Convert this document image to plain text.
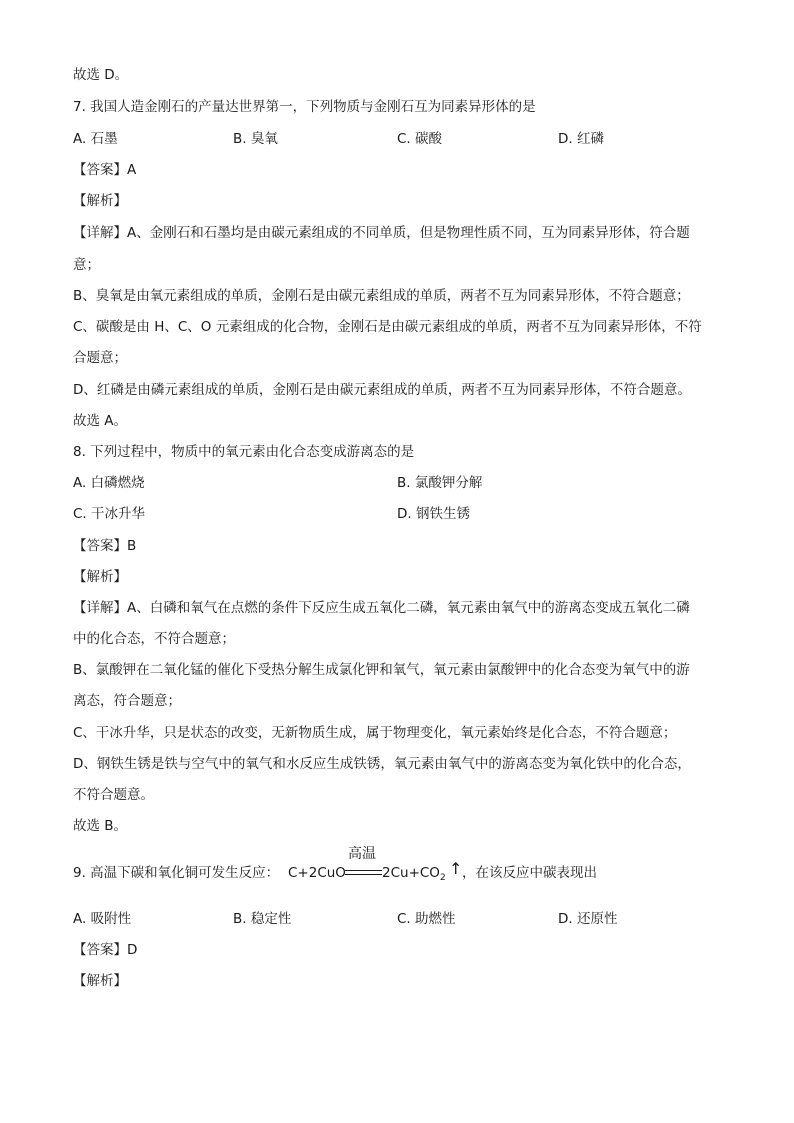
故选 D。
7. 我国人造金刚石的产量达世界第一，下列物质与金刚石互为同素异形体的是
A. 石墨	B. 臭氧	C. 碳酸	D. 红磷
【答案】A
【解析】
【详解】A、金刚石和石墨均是由碳元素组成的不同单质，但是物理性质不同，互为同素异形体，符合题
意；
B、臭氧是由氧元素组成的单质，金刚石是由碳元素组成的单质，两者不互为同素异形体，不符合题意；
C、碳酸是由 H、C、O 元素组成的化合物，金刚石是由碳元素组成的单质，两者不互为同素异形体，不符
合题意；
D、红磷是由磷元素组成的单质，金刚石是由碳元素组成的单质，两者不互为同素异形体，不符合题意。
故选 A。
8. 下列过程中，物质中的氧元素由化合态变成游离态的是
A. 白磷燃烧	B. 氯酸钾分解
C. 干冰升华	D. 钢铁生锈
【答案】B
【解析】
【详解】A、白磷和氧气在点燃的条件下反应生成五氧化二磷，氧元素由氧气中的游离态变成五氧化二磷
中的化合态，不符合题意；
B、氯酸钾在二氧化锰的催化下受热分解生成氯化钾和氧气，氧元素由氯酸钾中的化合态变为氧气中的游
离态，符合题意；
C、干冰升华，只是状态的改变，无新物质生成，属于物理变化，氧元素始终是化合态，不符合题意；
D、钢铁生锈是铁与空气中的氧气和水反应生成铁锈，氧元素由氧气中的游离态变为氧化铁中的化合态，
不符合题意。
故选 B。
9. 高温下碳和氧化铜可发生反应： C+2CuO
高温
$2Cu+CO_2$ ↑ ，在该反应中碳表现出
A. 吸附性	B. 稳定性	C. 助燃性	D. 还原性
【答案】D
【解析】
